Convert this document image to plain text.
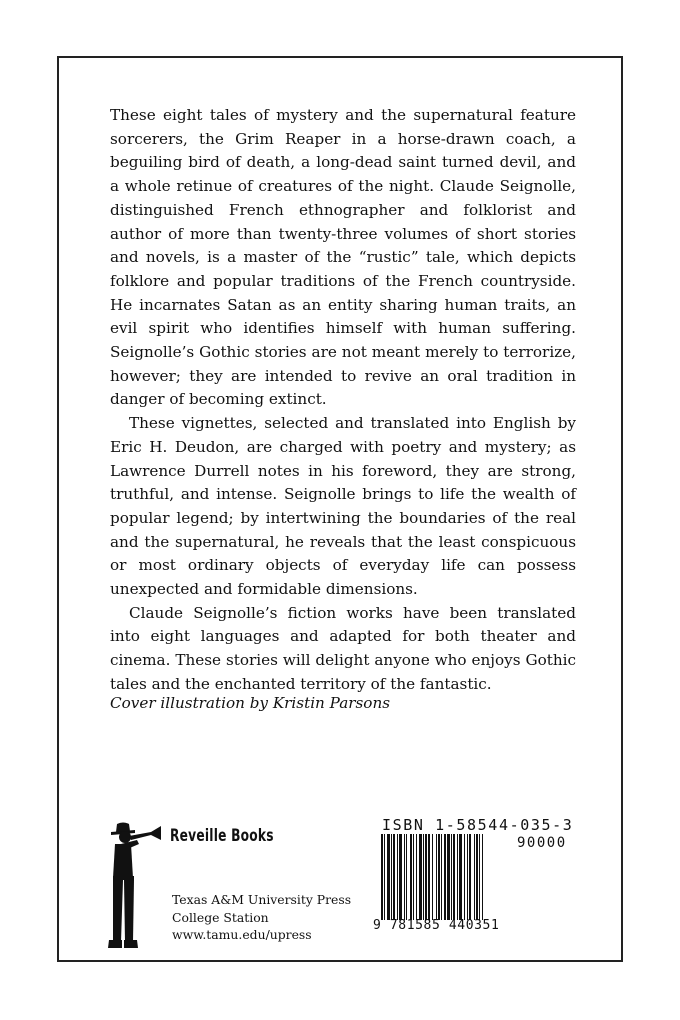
These eight tales of mystery and the supernatural feature sorcerers, the Grim Reaper in a horse-drawn coach, a beguiling bird of death, a long-dead saint turned devil, and a whole retinue of creatures of the night. Claude Seignolle, distinguished French ethnographer and folklorist and author of more than twenty-three volumes of short stories and novels, is a master of the “rustic” tale, which depicts folklore and popular traditions of the French countryside. He incarnates Satan as an entity sharing human traits, an evil spirit who identifies himself with human suffering. Seignolle’s Gothic stories are not meant merely to terrorize, however; they are intended to revive an oral tradition in danger of becoming extinct.

These vignettes, selected and translated into English by Eric H. Deudon, are charged with poetry and mystery; as Lawrence Durrell notes in his foreword, they are strong, truthful, and intense. Seignolle brings to life the wealth of popular legend; by intertwining the boundaries of the real and the supernatural, he reveals that the least conspicuous or most ordinary objects of everyday life can possess unexpected and formidable dimensions.

Claude Seignolle’s fiction works have been translated into eight languages and adapted for both theater and cinema. These stories will delight anyone who enjoys Gothic tales and the enchanted territory of the fantastic.

Cover illustration by Kristin Parsons
Reveille Books
Texas A&M University Press
College Station
www.tamu.edu/upress
ISBN 1-58544-035-3
90000
9 781585 440351
